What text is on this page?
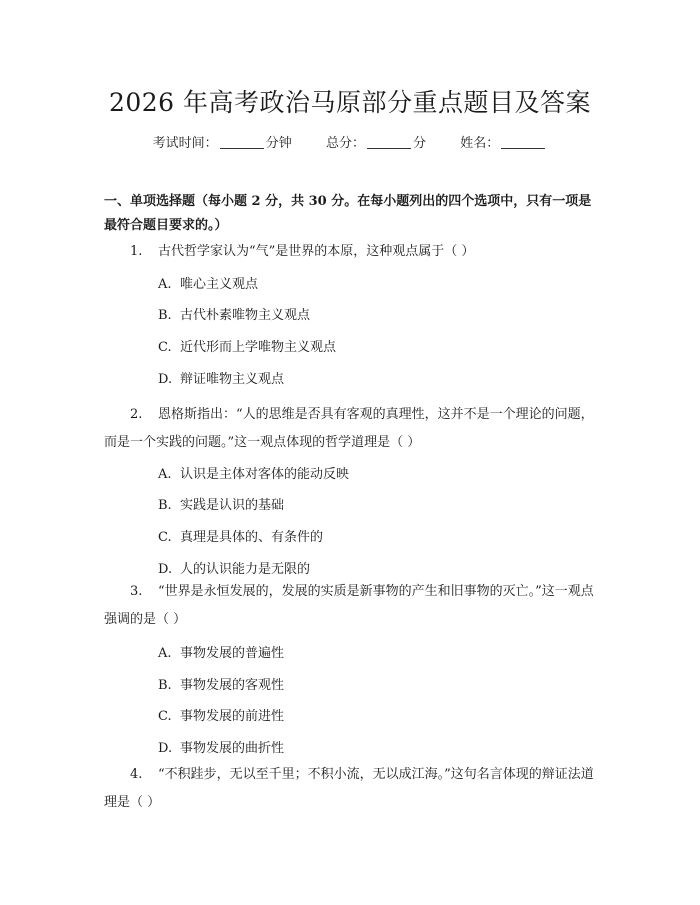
2026 年高考政治马原部分重点题目及答案
考试时间：	分钟	总分：	分	姓名：
一、单项选择题（每小题 2 分，共 30 分。在每小题列出的四个选项中，只有一项是最符合题目要求的。）
1. 古代哲学家认为“气”是世界的本原，这种观点属于（ ）
A. 唯心主义观点
B. 古代朴素唯物主义观点
C. 近代形而上学唯物主义观点
D. 辩证唯物主义观点
2. 恩格斯指出：“人的思维是否具有客观的真理性，这并不是一个理论的问题，而是一个实践的问题。”这一观点体现的哲学道理是（ ）
A. 认识是主体对客体的能动反映
B. 实践是认识的基础
C. 真理是具体的、有条件的
D. 人的认识能力是无限的
3. “世界是永恒发展的，发展的实质是新事物的产生和旧事物的灭亡。”这一观点强调的是（ ）
A. 事物发展的普遍性
B. 事物发展的客观性
C. 事物发展的前进性
D. 事物发展的曲折性
4. “不积跬步，无以至千里；不积小流，无以成江海。”这句名言体现的辩证法道理是（ ）
